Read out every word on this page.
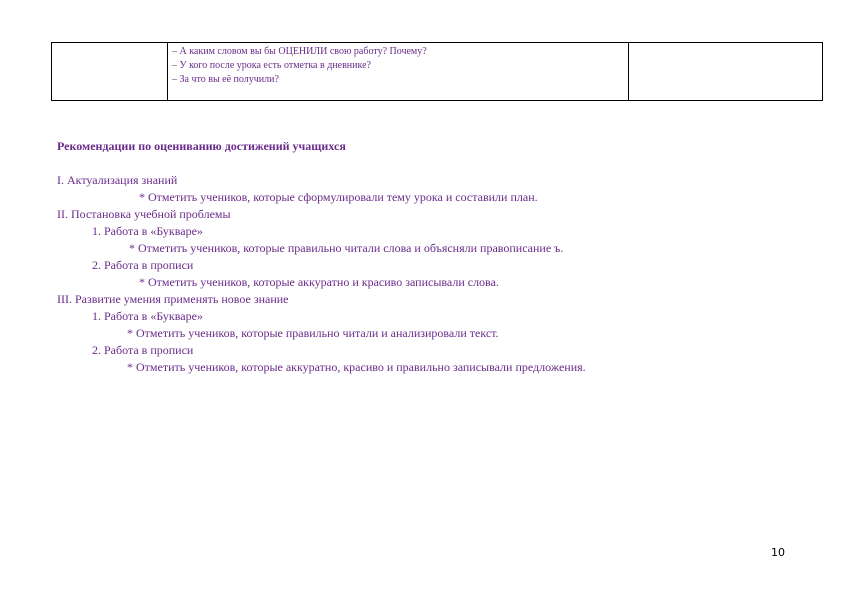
– А каким словом вы бы ОЦЕНИЛИ свою работу? Почему?
– У кого после урока есть отметка в дневнике?
– За что вы её получили?

Рекомендации по оцениванию достижений учащихся
I. Актуализация знаний
* Отметить учеников, которые сформулировали тему урока и составили план.
II. Постановка учебной проблемы
1. Работа в «Букваре»
* Отметить учеников, которые правильно читали слова и объясняли правописание ъ.
2. Работа в прописи
* Отметить учеников, которые аккуратно и красиво записывали слова.
III. Развитие умения применять новое знание
1. Работа в «Букваре»
* Отметить учеников, которые правильно читали и анализировали текст.
2. Работа в прописи
* Отметить учеников, которые аккуратно, красиво и правильно записывали предложения.
10
